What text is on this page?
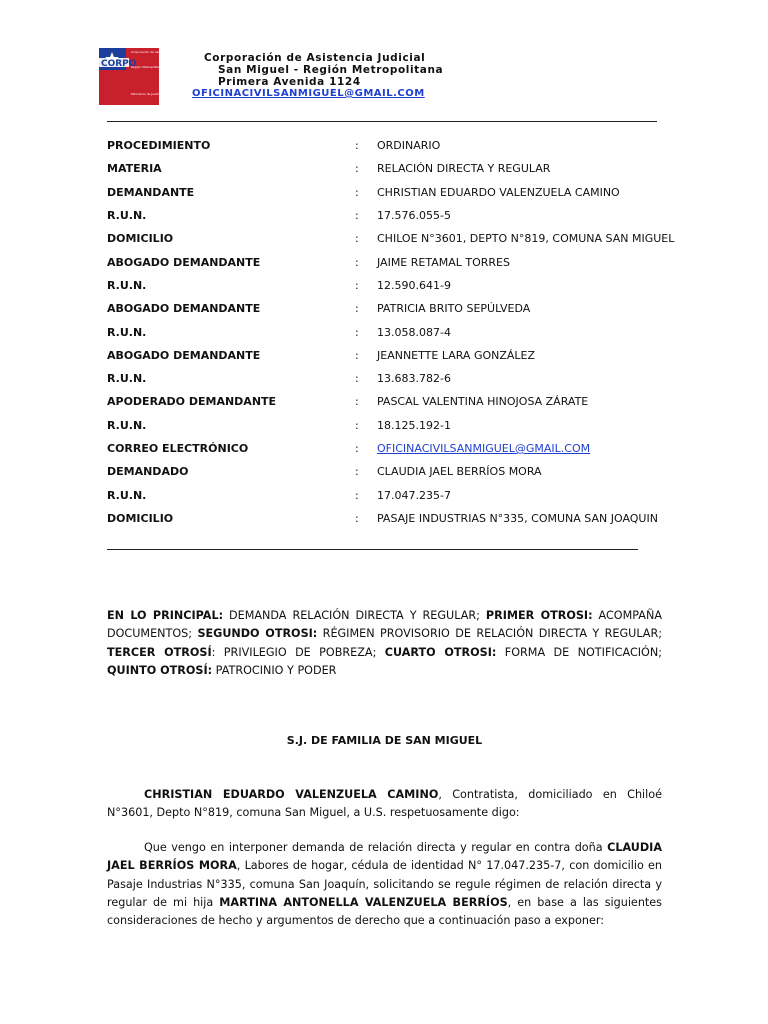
CORPO
Corporación de Asistencia Judicial
Región Metropolitana
Ministerio de Justicia
Corporación de Asistencia Judicial
San Miguel - Región Metropolitana
Primera Avenida 1124
OFICINACIVILSANMIGUEL@GMAIL.COM
PROCEDIMIENTO	:	ORDINARIO
MATERIA	:	RELACIÓN DIRECTA Y REGULAR
DEMANDANTE	:	CHRISTIAN EDUARDO VALENZUELA CAMINO
R.U.N.	:	17.576.055-5
DOMICILIO	:	CHILOE N°3601, DEPTO N°819, COMUNA SAN MIGUEL
ABOGADO DEMANDANTE	:	JAIME RETAMAL TORRES
R.U.N.	:	12.590.641-9
ABOGADO DEMANDANTE	:	PATRICIA BRITO SEPÚLVEDA
R.U.N.	:	13.058.087-4
ABOGADO DEMANDANTE	:	JEANNETTE LARA GONZÁLEZ
R.U.N.	:	13.683.782-6
APODERADO DEMANDANTE	:	PASCAL VALENTINA HINOJOSA ZÁRATE
R.U.N.	:	18.125.192-1
CORREO ELECTRÓNICO	:	OFICINACIVILSANMIGUEL@GMAIL.COM
DEMANDADO	:	CLAUDIA JAEL BERRÍOS MORA
R.U.N.	:	17.047.235-7
DOMICILIO	:	PASAJE INDUSTRIAS N°335, COMUNA SAN JOAQUIN
EN LO PRINCIPAL: DEMANDA RELACIÓN DIRECTA Y REGULAR; PRIMER OTROSI: ACOMPAÑA DOCUMENTOS; SEGUNDO OTROSI: RÉGIMEN PROVISORIO DE RELACIÓN DIRECTA Y REGULAR; TERCER OTROSÍ: PRIVILEGIO DE POBREZA; CUARTO OTROSI: FORMA DE NOTIFICACIÓN; QUINTO OTROSÍ: PATROCINIO Y PODER
S.J. DE FAMILIA DE SAN MIGUEL
CHRISTIAN EDUARDO VALENZUELA CAMINO, Contratista, domiciliado en Chiloé N°3601, Depto N°819, comuna San Miguel, a U.S. respetuosamente digo:
Que vengo en interponer demanda de relación directa y regular en contra doña CLAUDIA JAEL BERRÍOS MORA, Labores de hogar, cédula de identidad N° 17.047.235-7, con domicilio en Pasaje Industrias N°335, comuna San Joaquín, solicitando se regule régimen de relación directa y regular de mi hija MARTINA ANTONELLA VALENZUELA BERRÍOS, en base a las siguientes consideraciones de hecho y argumentos de derecho que a continuación paso a exponer:
